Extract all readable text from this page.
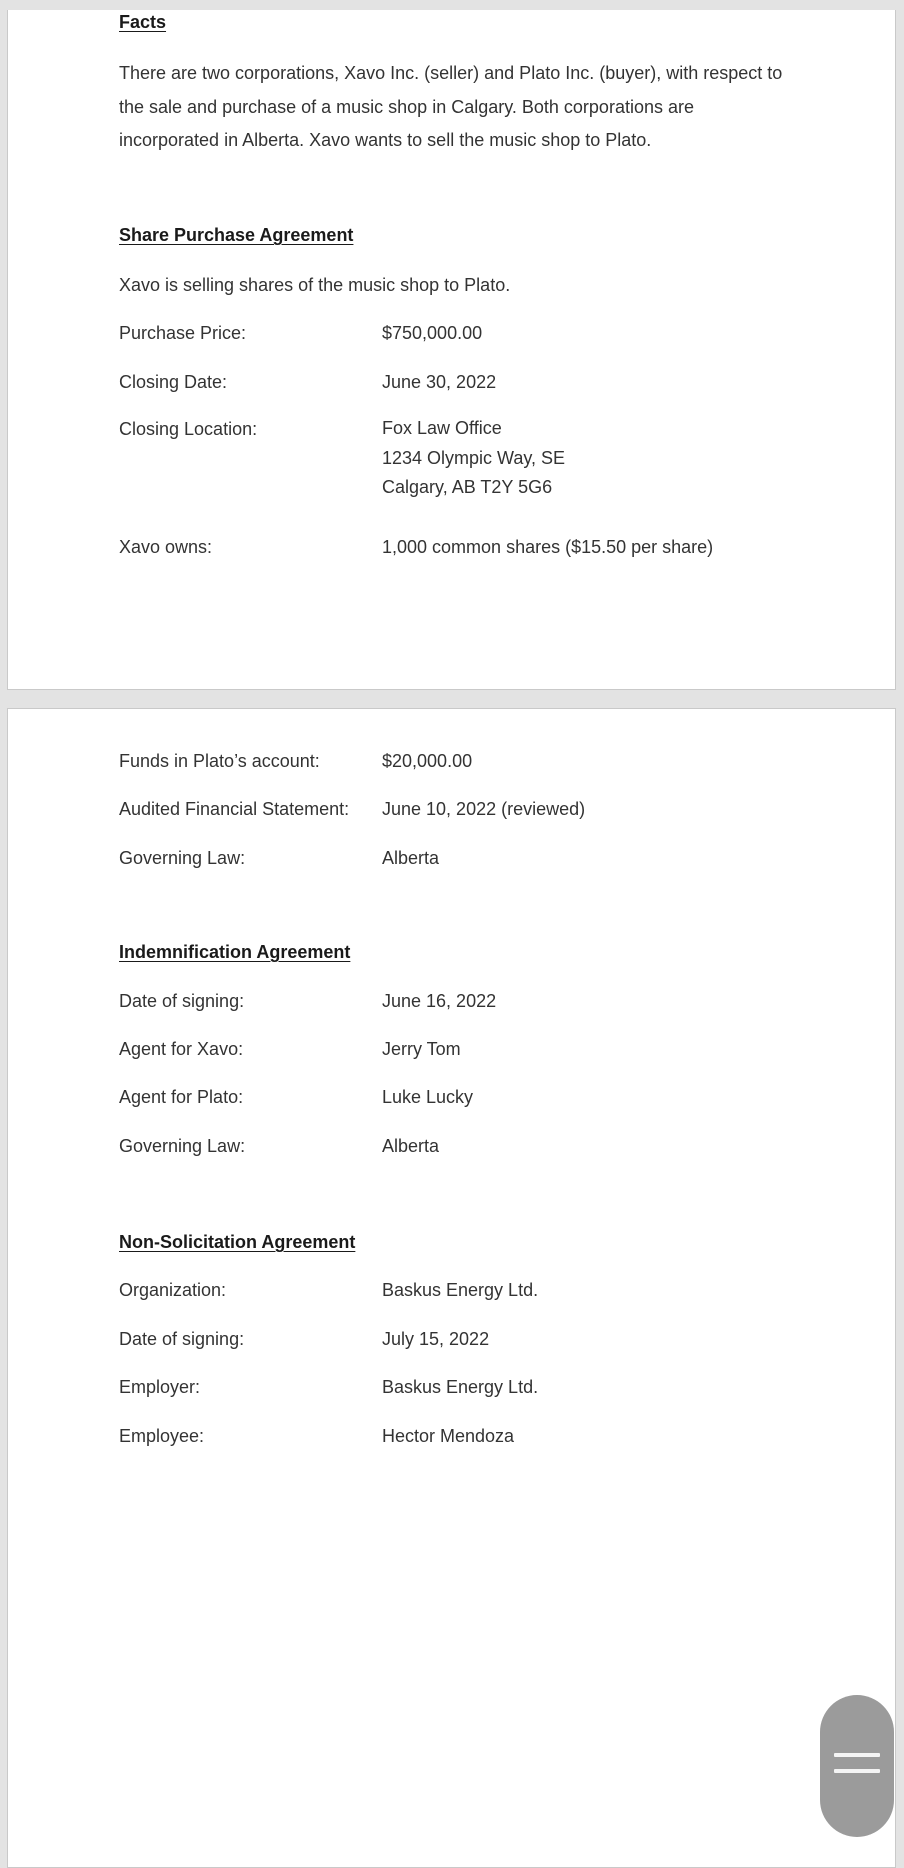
Facts
There are two corporations, Xavo Inc. (seller) and Plato Inc. (buyer), with respect to
the sale and purchase of a music shop in Calgary. Both corporations are
incorporated in Alberta. Xavo wants to sell the music shop to Plato.
Share Purchase Agreement
Xavo is selling shares of the music shop to Plato.
Purchase Price:	$750,000.00
Closing Date:	June 30, 2022
Closing Location:	Fox Law Office
1234 Olympic Way, SE
Calgary, AB T2Y 5G6
Xavo owns:	1,000 common shares ($15.50 per share)
Funds in Plato’s account:	$20,000.00
Audited Financial Statement: June 10, 2022 (reviewed)
Governing Law:	Alberta
Indemnification Agreement
Date of signing:	June 16, 2022
Agent for Xavo:	Jerry Tom
Agent for Plato:	Luke Lucky
Governing Law:	Alberta
Non-Solicitation Agreement
Organization:	Baskus Energy Ltd.
Date of signing:	July 15, 2022
Employer:	Baskus Energy Ltd.
Employee:	Hector Mendoza
